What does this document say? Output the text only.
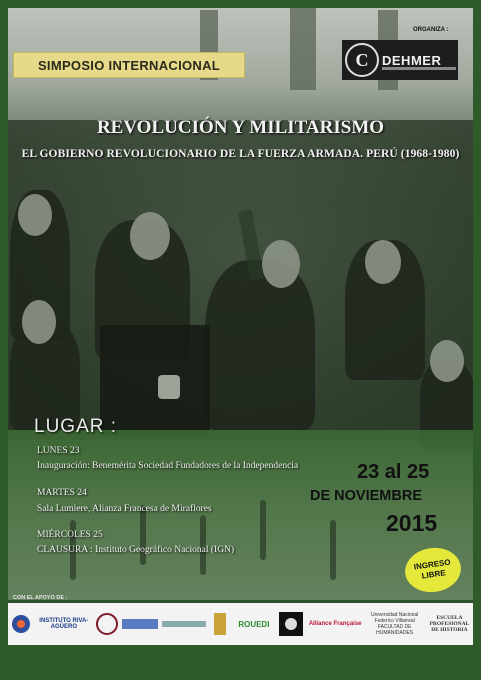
SIMPOSIO INTERNACIONAL
ORGANIZA :
C	DEHMER
REVOLUCIÓN Y MILITARISMO
EL GOBIERNO REVOLUCIONARIO DE LA FUERZA ARMADA. PERÚ (1968-1980)
LUGAR :
LUNES 23
Inauguración: Benemérita Sociedad Fundadores de la Independencia
MARTES 24
Sala Lumiere, Alianza Francesa de Miraflores
MIÉRCOLES 25
CLAUSURA : Instituto Geográfico Nacional (IGN)
23 al 25
DE NOVIEMBRE
2015
INGRESO
LIBRE
CON EL APOYO DE :
INSTITUTO RIVA-AGÜERO	ROUEDI	Alliance Française
Universidad Nacional Federico Villarreal FACULTAD DE HUMANIDADES
ESCUELA PROFESIONAL DE HISTORIA
